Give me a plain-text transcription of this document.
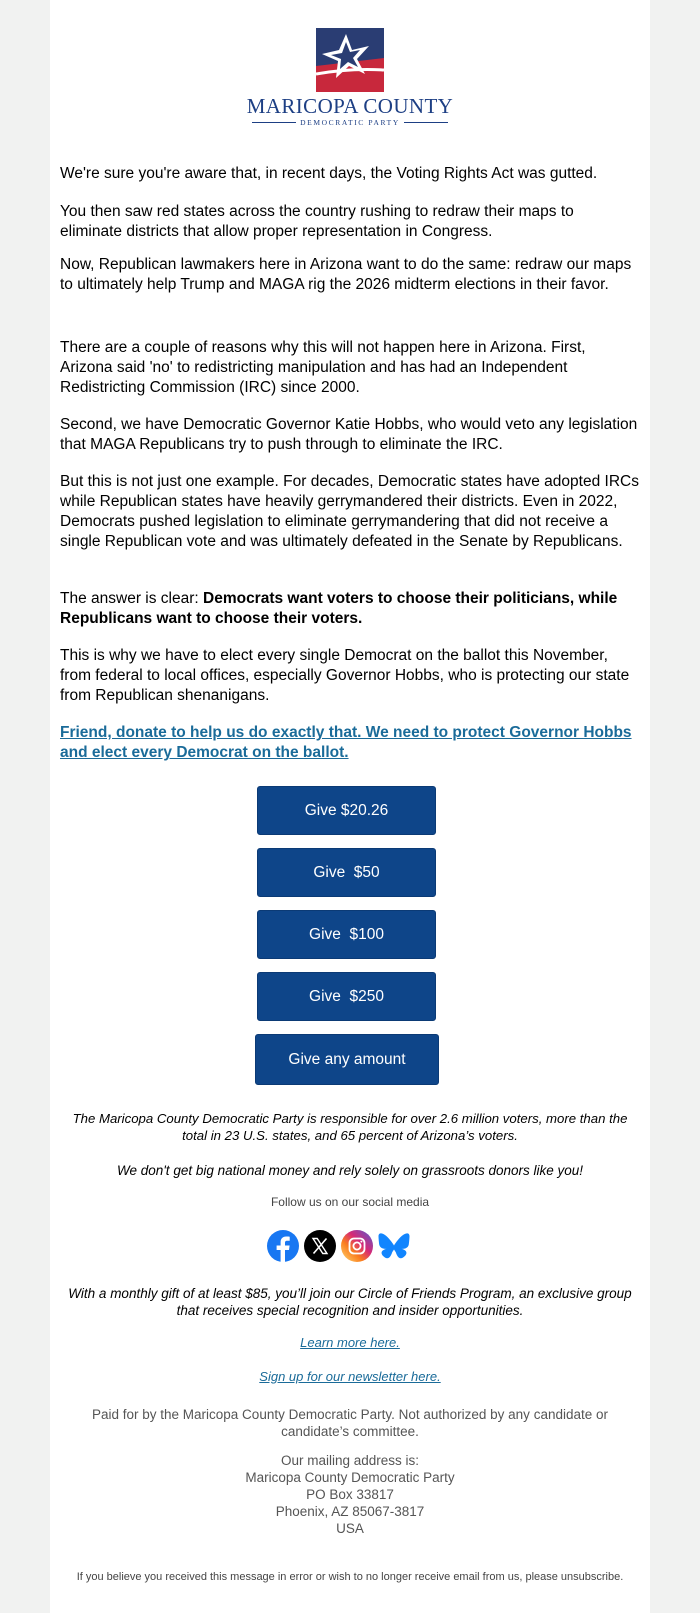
MARICOPA COUNTY
DEMOCRATIC PARTY

We're sure you're aware that, in recent days, the Voting Rights Act was gutted.

You then saw red states across the country rushing to redraw their maps to eliminate districts that allow proper representation in Congress.

Now, Republican lawmakers here in Arizona want to do the same: redraw our maps to ultimately help Trump and MAGA rig the 2026 midterm elections in their favor.

There are a couple of reasons why this will not happen here in Arizona. First, Arizona said 'no' to redistricting manipulation and has had an Independent Redistricting Commission (IRC) since 2000.

Second, we have Democratic Governor Katie Hobbs, who would veto any legislation that MAGA Republicans try to push through to eliminate the IRC.

But this is not just one example. For decades, Democratic states have adopted IRCs while Republican states have heavily gerrymandered their districts. Even in 2022, Democrats pushed legislation to eliminate gerrymandering that did not receive a single Republican vote and was ultimately defeated in the Senate by Republicans.

The answer is clear: Democrats want voters to choose their politicians, while Republicans want to choose their voters.

This is why we have to elect every single Democrat on the ballot this November, from federal to local offices, especially Governor Hobbs, who is protecting our state from Republican shenanigans.

Friend, donate to help us do exactly that. We need to protect Governor Hobbs and elect every Democrat on the ballot.
Give $20.26
Give  $50
Give  $100
Give  $250
Give any amount

The Maricopa County Democratic Party is responsible for over 2.6 million voters, more than the total in 23 U.S. states, and 65 percent of Arizona’s voters.

We don't get big national money and rely solely on grassroots donors like you!

Follow us on our social media

With a monthly gift of at least $85, you’ll join our Circle of Friends Program, an exclusive group that receives special recognition and insider opportunities.

Learn more here.
Sign up for our newsletter here.

Paid for by the Maricopa County Democratic Party. Not authorized by any candidate or candidate’s committee.

Our mailing address is:
Maricopa County Democratic Party
PO Box 33817
Phoenix, AZ 85067-3817
USA
If you believe you received this message in error or wish to no longer receive email from us, please unsubscribe.
